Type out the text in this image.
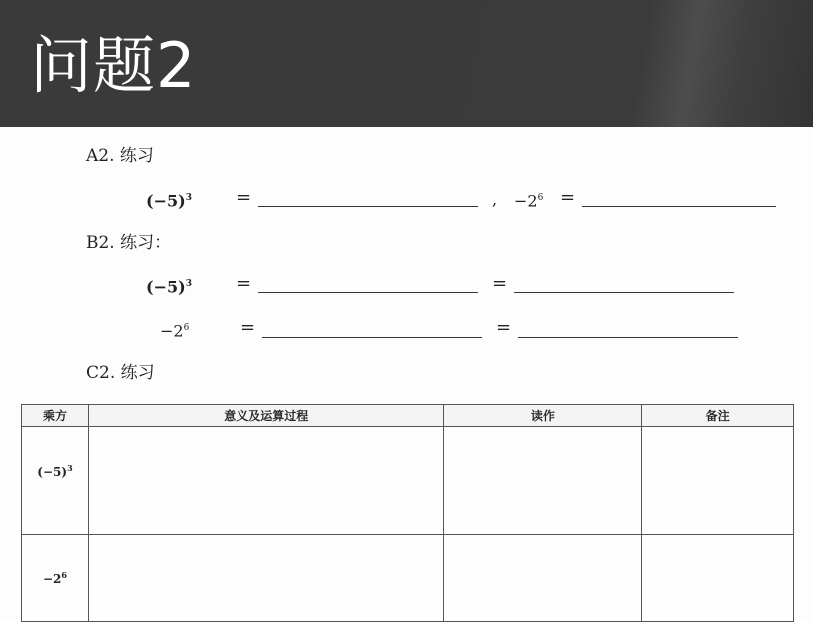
问题2
A2. 练习
$(-5)^3$ =	, $-2^6$ =
B2. 练习：
$(-5)^3$ =	=
$-2^6$	=	=
C2. 练习
乘方	意义及运算过程	读作	备注
$(-5)^3$			
$-2^6$			
